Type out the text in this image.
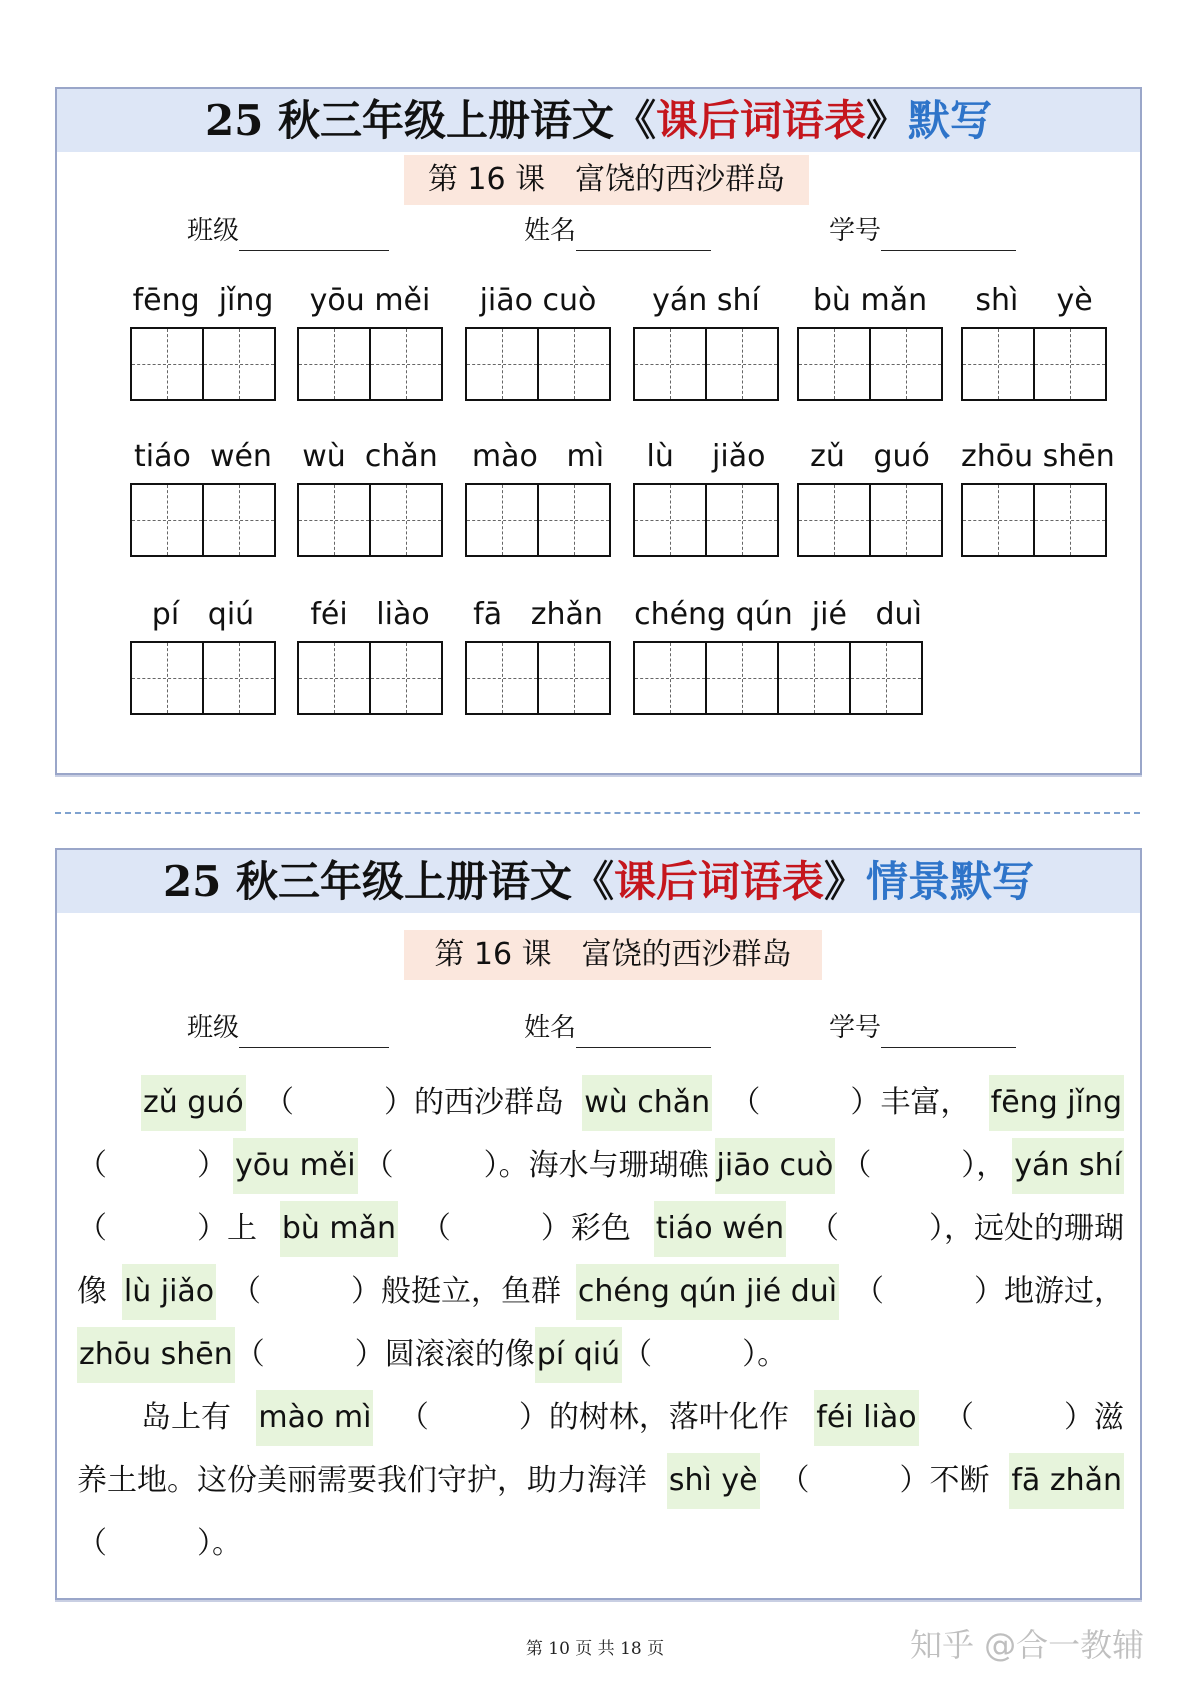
25 秋三年级上册语文《课后词语表》默写
第 16 课　富饶的西沙群岛
班级	姓名	学号
fēng  jǐng	yōu měi	jiāo cuò	yán shí	bù mǎn	shì    yè
tiáo  wén wù  chǎn mào   mì	lù    jiǎo	zǔ   guó	zhōu shēn
pí   qiú	féi   liào	fā   zhǎn chéng qún  jié   duì
25 秋三年级上册语文《课后词语表》情景默写
第 16 课　富饶的西沙群岛
班级	姓名	学号
zǔ guó （　　　）的西沙群岛 wù chǎn （　　　）丰富， fēng jǐng
（　　　） yōu měi （　　　）。海水与珊瑚礁 jiāo cuò （　　　）， yán shí
（　　　）上 bù mǎn （　　　）彩色 tiáo wén （　　　），远处的珊瑚
像 lù jiǎo （　　　）般挺立，鱼群 chéng qún jié duì （　　　）地游过，
zhōu shēn （　　　）圆滚滚的像 pí qiú （　　　）。
岛上有 mào mì （　　　）的树林，落叶化作 féi liào （　　　）滋
养土地。这份美丽需要我们守护，助力海洋 shì yè （　　　）不断 fā zhǎn
（　　　）。
第 10 页 共 18 页	知乎 @合一教辅
